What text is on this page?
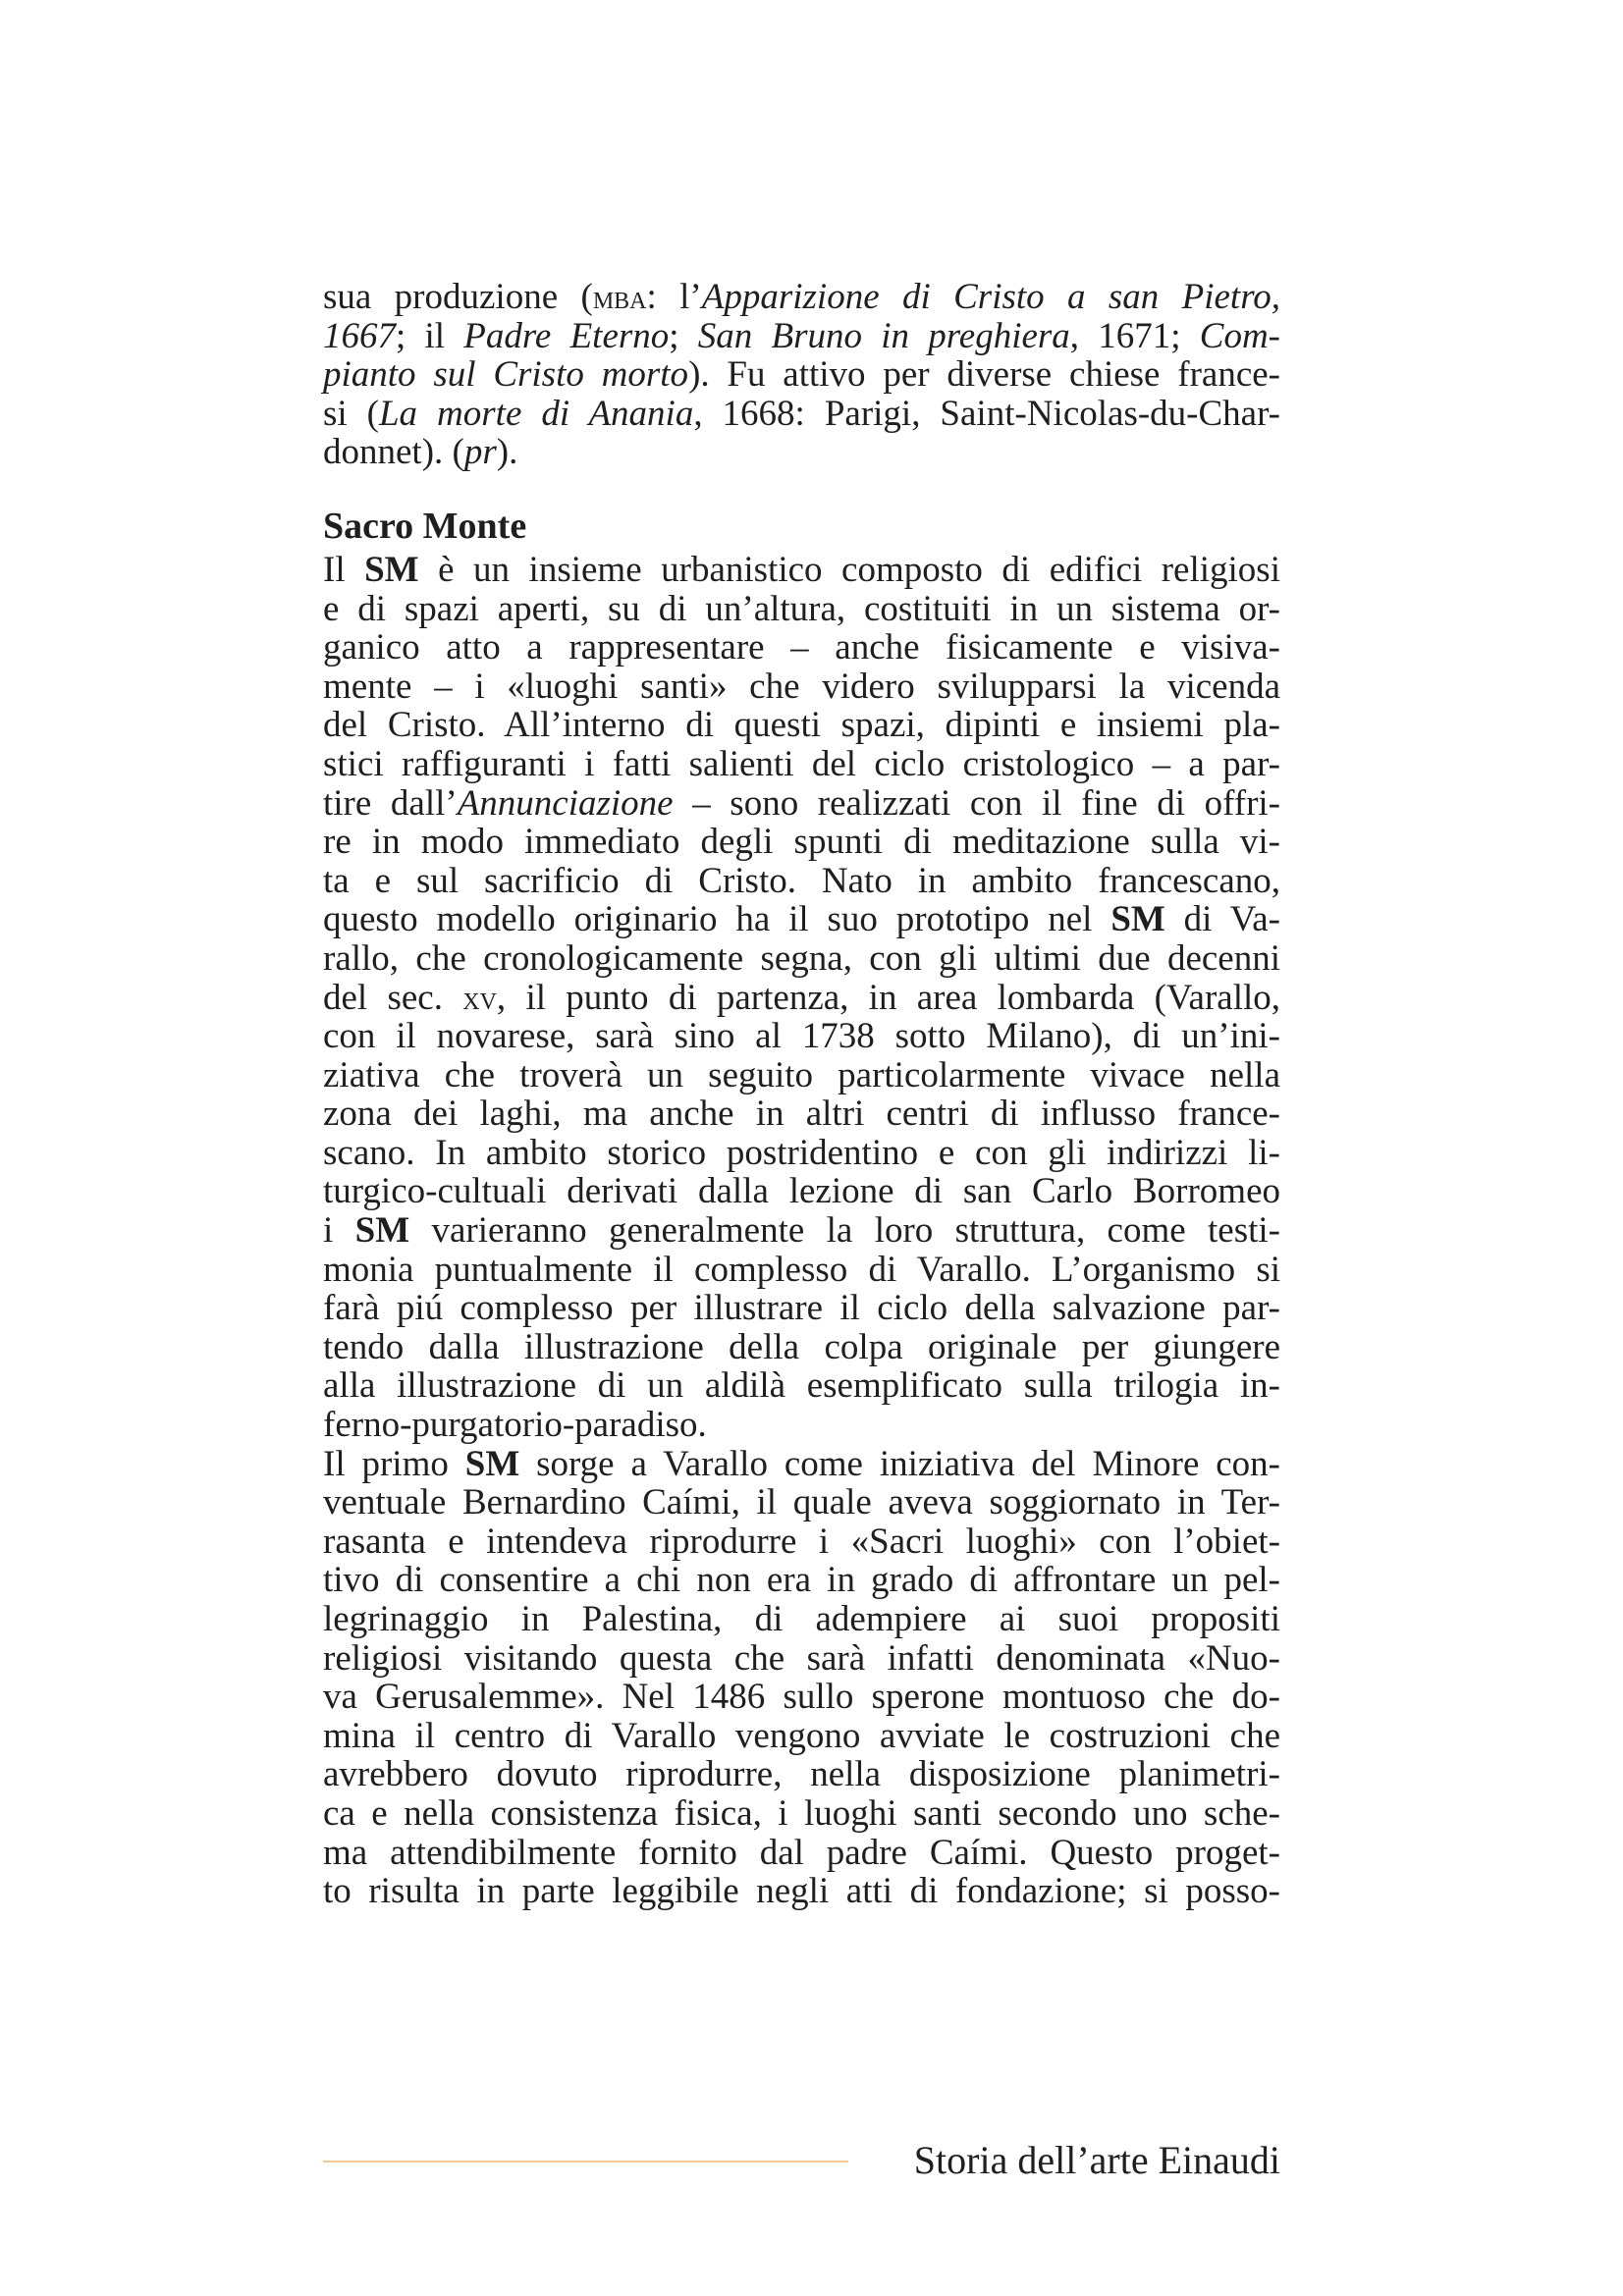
sua produzione (mba: l’Apparizione di Cristo a san Pietro,
1667; il Padre Eterno; San Bruno in preghiera, 1671; Com-
pianto sul Cristo morto). Fu attivo per diverse chiese france-
si (La morte di Anania, 1668: Parigi, Saint-Nicolas-du-Char-
donnet). (pr).
Sacro Monte
Il SM è un insieme urbanistico composto di edifici religiosi
e di spazi aperti, su di un’altura, costituiti in un sistema or-
ganico atto a rappresentare – anche fisicamente e visiva-
mente – i «luoghi santi» che videro svilupparsi la vicenda
del Cristo. All’interno di questi spazi, dipinti e insiemi pla-
stici raffiguranti i fatti salienti del ciclo cristologico – a par-
tire dall’Annunciazione – sono realizzati con il fine di offri-
re in modo immediato degli spunti di meditazione sulla vi-
ta e sul sacrificio di Cristo. Nato in ambito francescano,
questo modello originario ha il suo prototipo nel SM di Va-
rallo, che cronologicamente segna, con gli ultimi due decenni
del sec. xv, il punto di partenza, in area lombarda (Varallo,
con il novarese, sarà sino al 1738 sotto Milano), di un’ini-
ziativa che troverà un seguito particolarmente vivace nella
zona dei laghi, ma anche in altri centri di influsso france-
scano. In ambito storico postridentino e con gli indirizzi li-
turgico-cultuali derivati dalla lezione di san Carlo Borromeo
i SM varieranno generalmente la loro struttura, come testi-
monia puntualmente il complesso di Varallo. L’organismo si
farà piú complesso per illustrare il ciclo della salvazione par-
tendo dalla illustrazione della colpa originale per giungere
alla illustrazione di un aldilà esemplificato sulla trilogia in-
ferno-purgatorio-paradiso.
Il primo SM sorge a Varallo come iniziativa del Minore con-
ventuale Bernardino Caími, il quale aveva soggiornato in Ter-
rasanta e intendeva riprodurre i «Sacri luoghi» con l’obiet-
tivo di consentire a chi non era in grado di affrontare un pel-
legrinaggio in Palestina, di adempiere ai suoi propositi
religiosi visitando questa che sarà infatti denominata «Nuo-
va Gerusalemme». Nel 1486 sullo sperone montuoso che do-
mina il centro di Varallo vengono avviate le costruzioni che
avrebbero dovuto riprodurre, nella disposizione planimetri-
ca e nella consistenza fisica, i luoghi santi secondo uno sche-
ma attendibilmente fornito dal padre Caími. Questo proget-
to risulta in parte leggibile negli atti di fondazione; si posso-
Storia dell’arte Einaudi
